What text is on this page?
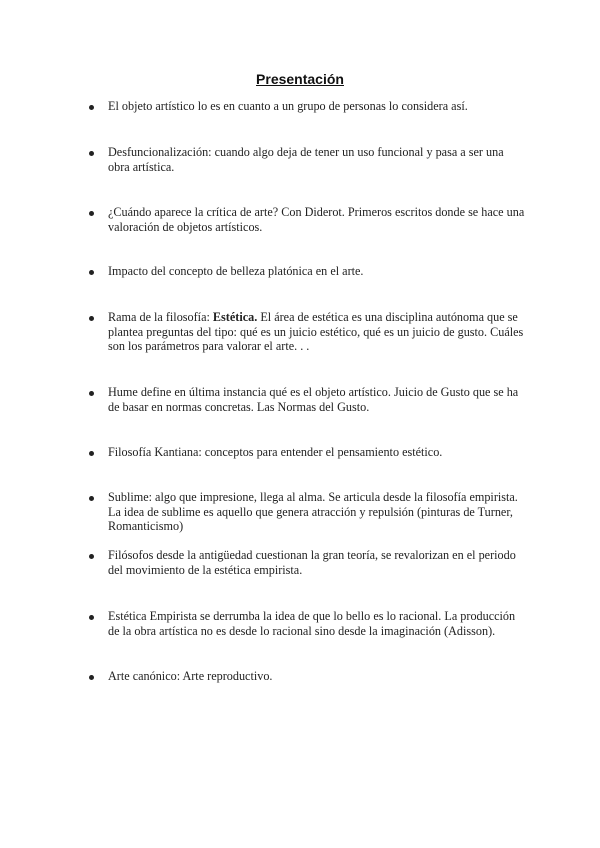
Presentación
El objeto artístico lo es en cuanto a un grupo de personas lo considera así.
Desfuncionalización: cuando algo deja de tener un uso funcional y pasa a ser una obra artística.
¿Cuándo aparece la crítica de arte? Con Diderot. Primeros escritos donde se hace una valoración de objetos artísticos.
Impacto del concepto de belleza platónica en el arte.
Rama de la filosofía: Estética. El área de estética es una disciplina autónoma que se plantea preguntas del tipo: qué es un juicio estético, qué es un juicio de gusto. Cuáles son los parámetros para valorar el arte. . .
Hume define en última instancia qué es el objeto artístico. Juicio de Gusto que se ha de basar en normas concretas. Las Normas del Gusto.
Filosofía Kantiana: conceptos para entender el pensamiento estético.
Sublime: algo que impresione, llega al alma. Se articula desde la filosofía empirista. La idea de sublime es aquello que genera atracción y repulsión (pinturas de Turner, Romanticismo)
Filósofos desde la antigüedad cuestionan la gran teoría, se revalorizan en el periodo del movimiento de la estética empirista.
Estética Empirista se derrumba la idea de que lo bello es lo racional. La producción de la obra artística no es desde lo racional sino desde la imaginación (Adisson).
Arte canónico: Arte reproductivo.
